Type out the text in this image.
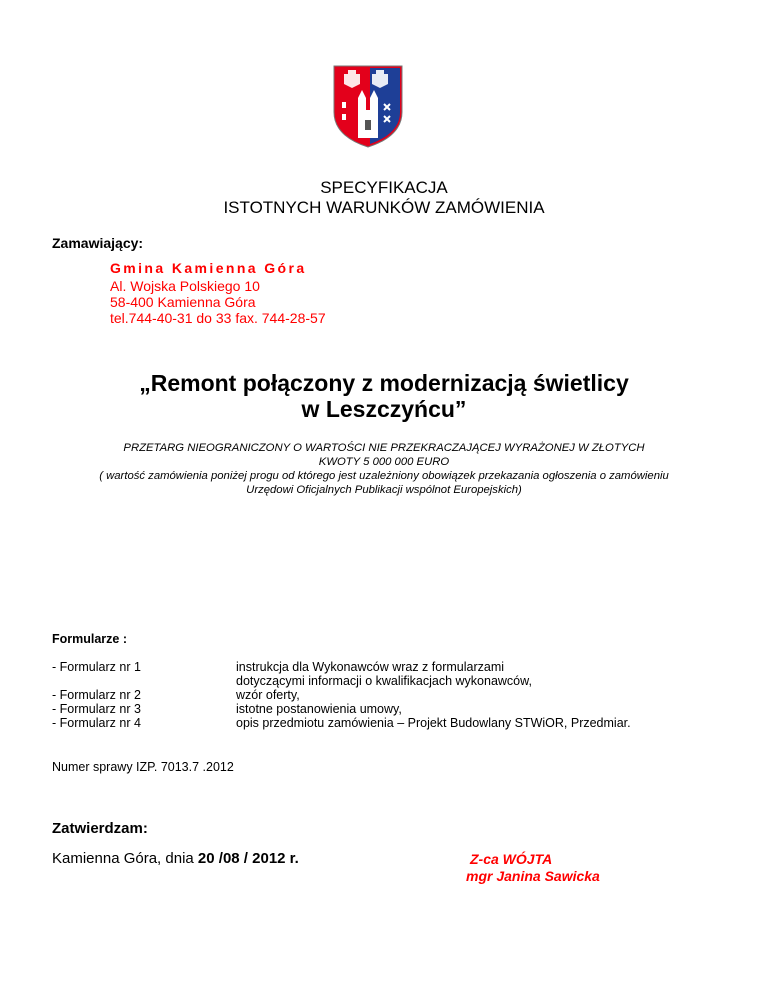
SPECYFIKACJA
ISTOTNYCH WARUNKÓW ZAMÓWIENIA
Zamawiający:
Gmina Kamienna Góra
Al. Wojska Polskiego 10
58-400 Kamienna Góra
tel.744-40-31 do 33 fax. 744-28-57
„Remont połączony z modernizacją świetlicy
w Leszczyńcu”
PRZETARG NIEOGRANICZONY O WARTOŚCI NIE PRZEKRACZAJĄCEJ WYRAŻONEJ W ZŁOTYCH
KWOTY 5 000 000 EURO
( wartość zamówienia poniżej progu od którego jest uzależniony obowiązek przekazania ogłoszenia o zamówieniu
Urzędowi Oficjalnych Publikacji wspólnot Europejskich)
Formularze :
- Formularz nr 1	instrukcja dla Wykonawców wraz z formularzami
dotyczącymi informacji o kwalifikacjach wykonawców,
- Formularz nr 2	wzór oferty,
- Formularz nr 3	istotne postanowienia umowy,
- Formularz nr 4	opis przedmiotu zamówienia – Projekt Budowlany STWiOR, Przedmiar.
Numer sprawy IZP. 7013.7 .2012
Zatwierdzam:
Kamienna Góra, dnia 20 /08 / 2012 r.	Z-ca WÓJTA
mgr Janina Sawicka
